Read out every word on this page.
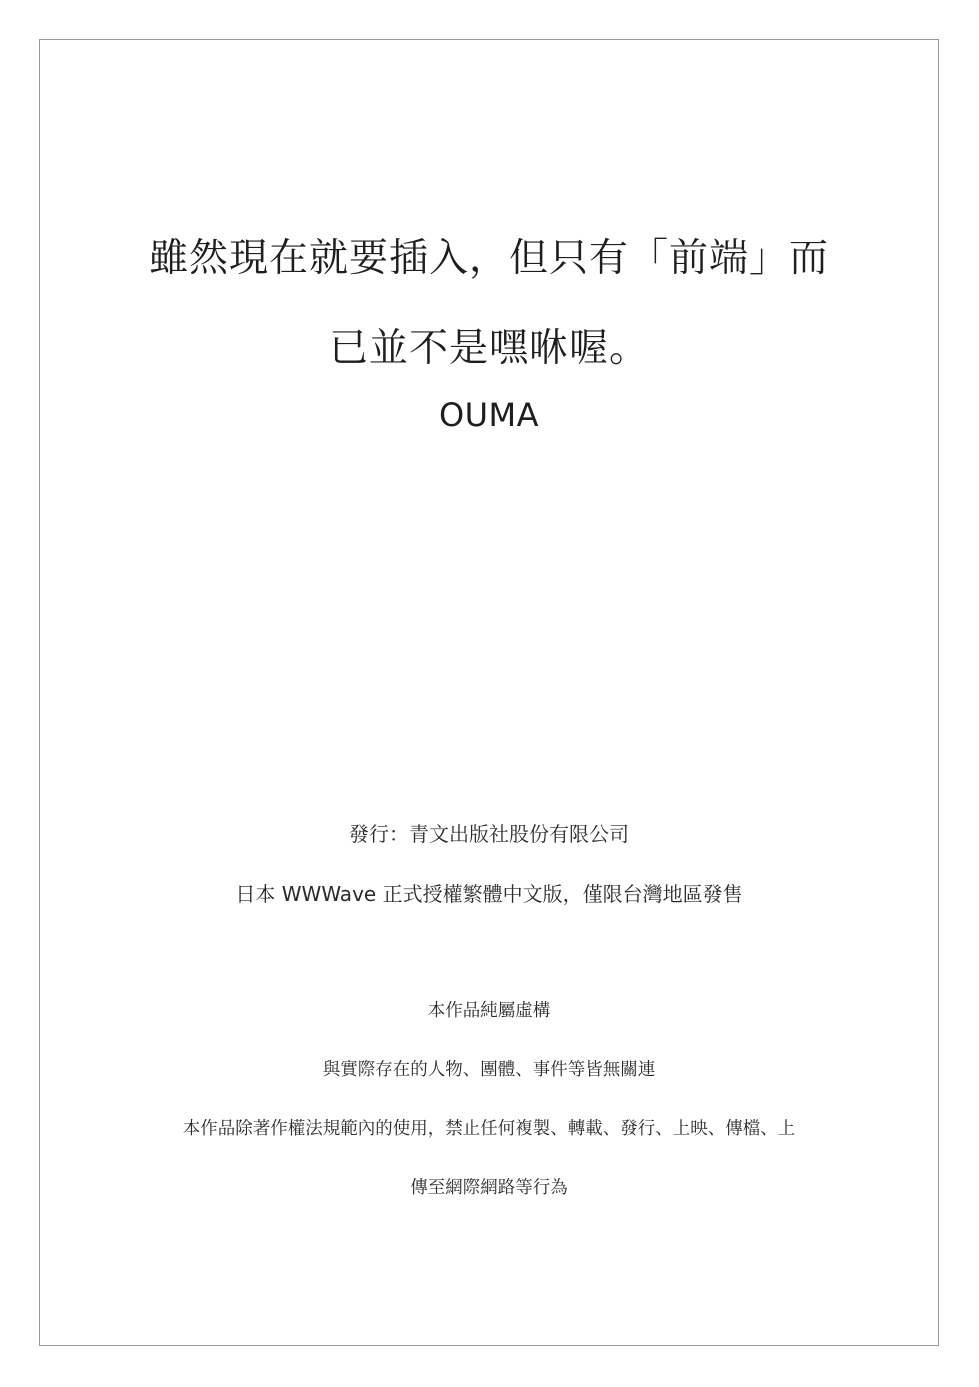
雖然現在就要插入，但只有「前端」而
已並不是嘿咻喔。
OUMA
發行：青文出版社股份有限公司
日本 WWWave 正式授權繁體中文版，僅限台灣地區發售
本作品純屬虛構
與實際存在的人物、團體、事件等皆無關連
本作品除著作權法規範內的使用，禁止任何複製、轉載、發行、上映、傳檔、上
傳至網際網路等行為
